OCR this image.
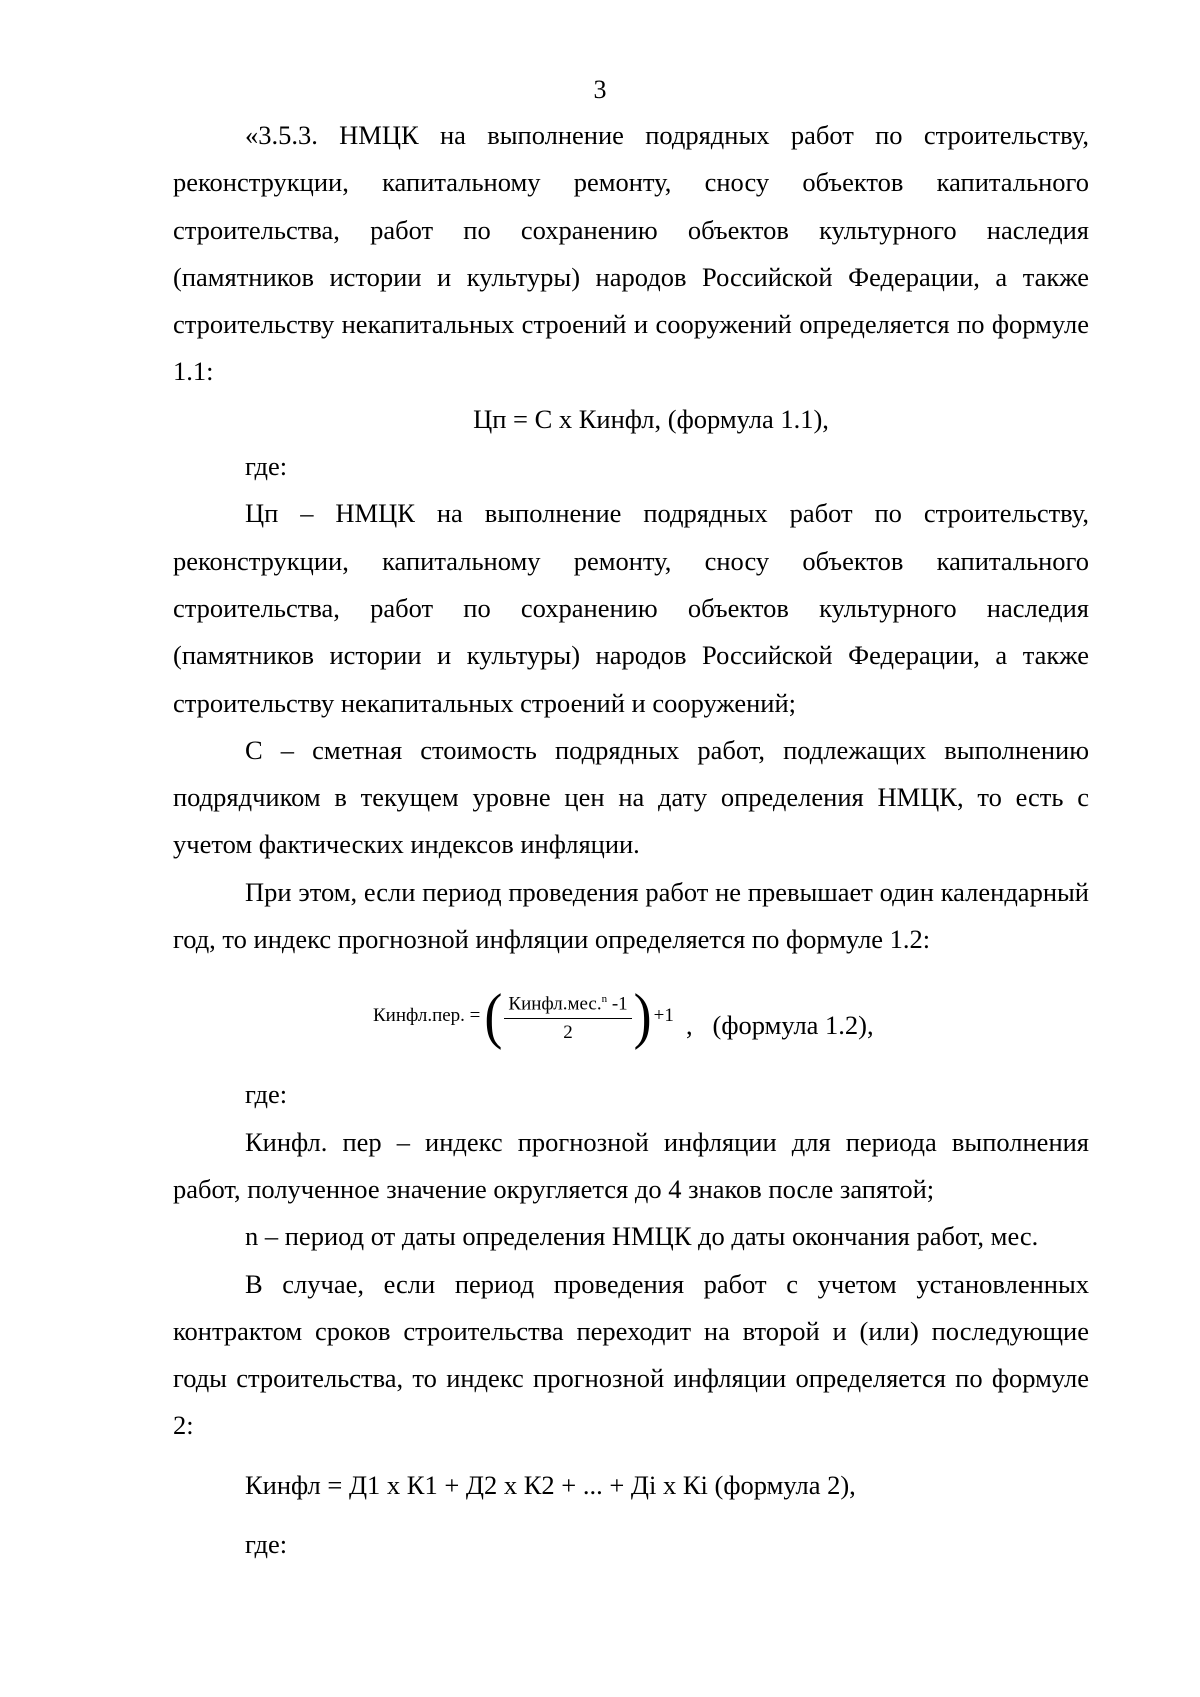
3

«3.5.3. НМЦК на выполнение подрядных работ по строительству, реконструкции, капитальному ремонту, сносу объектов капитального строительства, работ по сохранению объектов культурного наследия (памятников истории и культуры) народов Российской Федерации, а также строительству некапитальных строений и сооружений определяется по формуле 1.1:

Цп = С х Кинфл, (формула 1.1),

где:

Цп – НМЦК на выполнение подрядных работ по строительству, реконструкции, капитальному ремонту, сносу объектов капитального строительства, работ по сохранению объектов культурного наследия (памятников истории и культуры) народов Российской Федерации, а также строительству некапитальных строений и сооружений;

С – сметная стоимость подрядных работ, подлежащих выполнению подрядчиком в текущем уровне цен на дату определения НМЦК, то есть с учетом фактических индексов инфляции.

При этом, если период проведения работ не превышает один календарный год, то индекс прогнозной инфляции определяется по формуле 1.2:

Кинфл.пер. = ( $\frac{Кинфл.мес.^n -1}{2}$ ) +1 ,   (формула 1.2),

где:

Кинфл. пер – индекс прогнозной инфляции для периода выполнения работ, полученное значение округляется до 4 знаков после запятой;

n – период от даты определения НМЦК до даты окончания работ, мес.

В случае, если период проведения работ с учетом установленных контрактом сроков строительства переходит на второй и (или) последующие годы строительства, то индекс прогнозной инфляции определяется по формуле 2:

Кинфл = Д1 х К1 + Д2 х К2 + ... + Дi х Кi (формула 2),

где:
